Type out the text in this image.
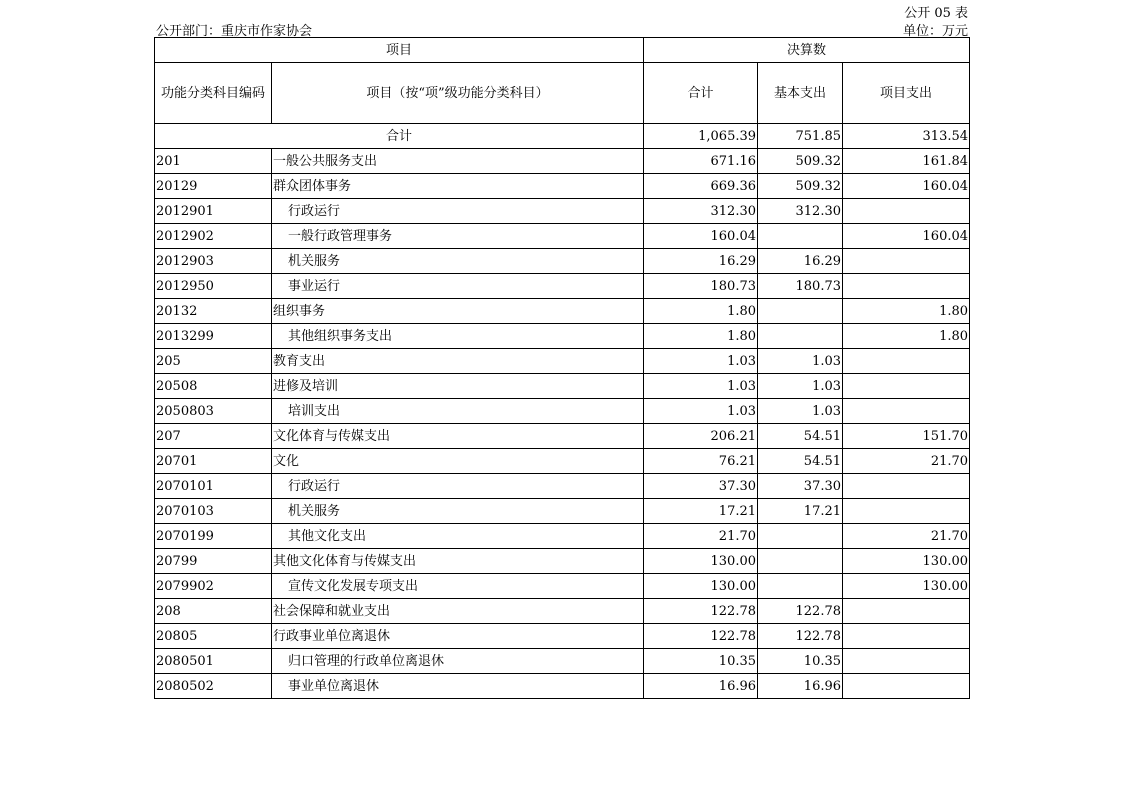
公开 05 表
公开部门：重庆市作家协会	单位：万元
项目		决算数		
功能分类科目编码	项目（按“项”级功能分类科目）	合计	基本支出	项目支出
合计		1,065.39	751.85	313.54
201	一般公共服务支出	671.16	509.32	161.84
20129	群众团体事务	669.36	509.32	160.04
2012901	行政运行	312.30	312.30	
2012902	一般行政管理事务	160.04		160.04
2012903	机关服务	16.29	16.29	
2012950	事业运行	180.73	180.73	
20132	组织事务	1.80		1.80
2013299	其他组织事务支出	1.80		1.80
205	教育支出	1.03	1.03	
20508	进修及培训	1.03	1.03	
2050803	培训支出	1.03	1.03	
207	文化体育与传媒支出	206.21	54.51	151.70
20701	文化	76.21	54.51	21.70
2070101	行政运行	37.30	37.30	
2070103	机关服务	17.21	17.21	
2070199	其他文化支出	21.70		21.70
20799	其他文化体育与传媒支出	130.00		130.00
2079902	宣传文化发展专项支出	130.00		130.00
208	社会保障和就业支出	122.78	122.78	
20805	行政事业单位离退休	122.78	122.78	
2080501	归口管理的行政单位离退休	10.35	10.35	
2080502	事业单位离退休	16.96	16.96	
